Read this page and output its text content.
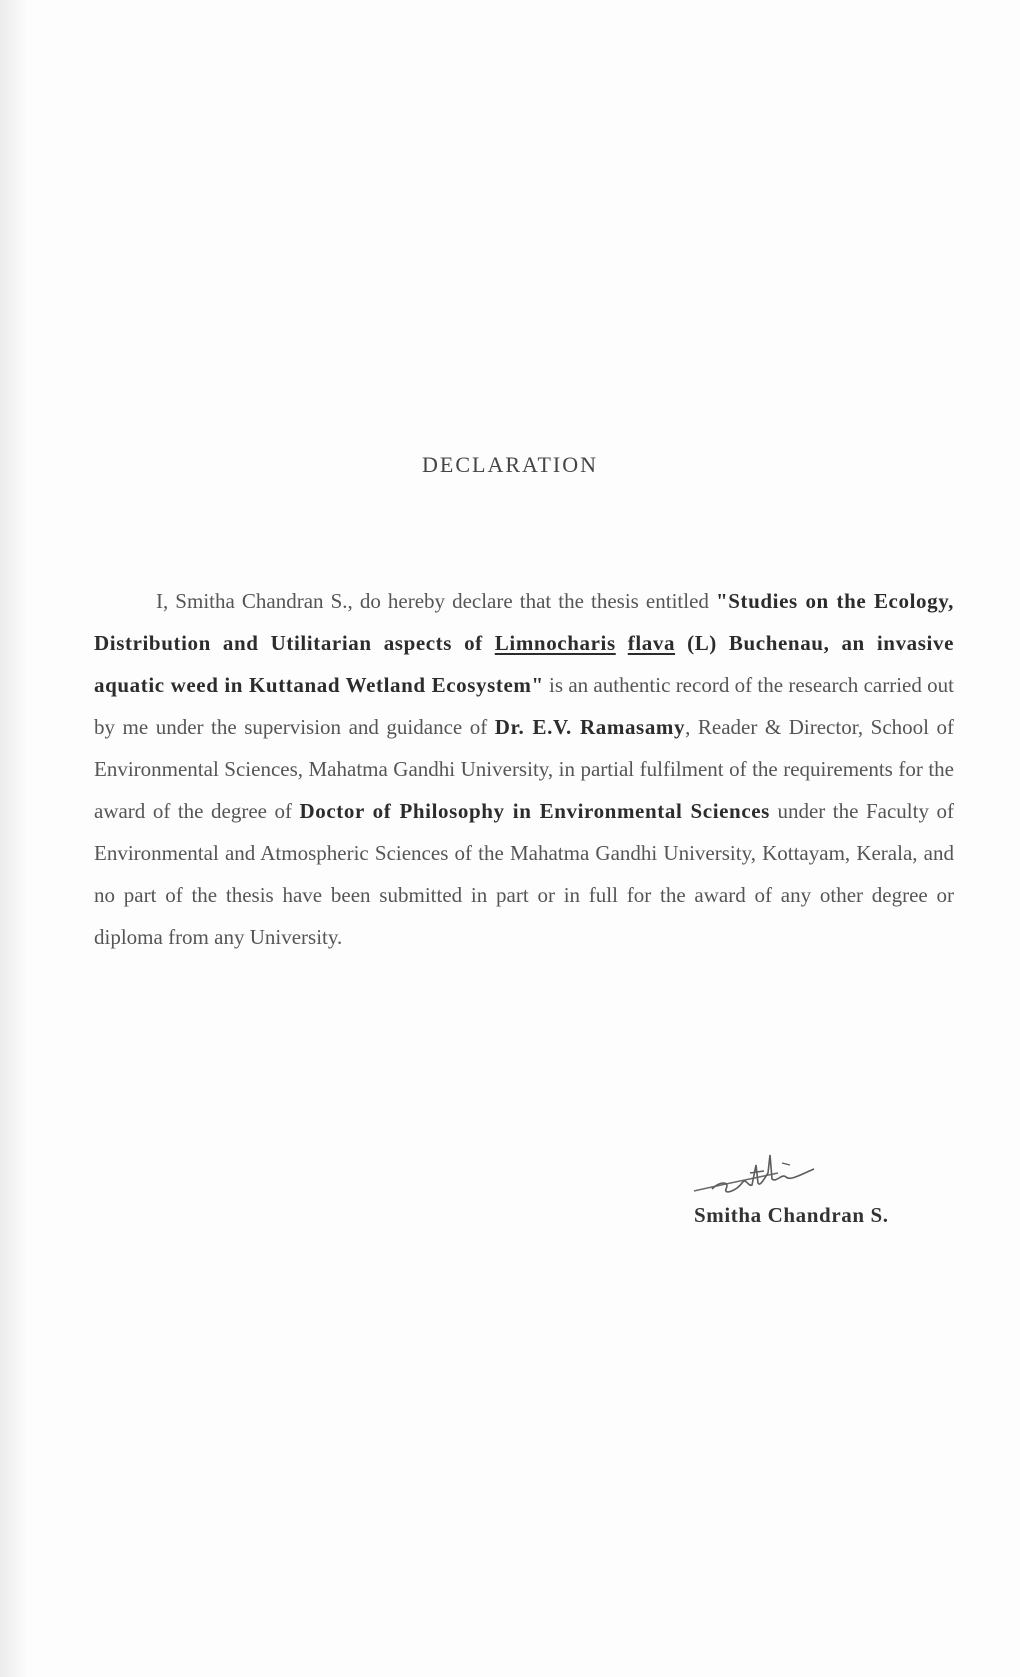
DECLARATION

I, Smitha Chandran S., do hereby declare that the thesis entitled "Studies on the Ecology, Distribution and Utilitarian aspects of Limnocharis flava (L) Buchenau, an invasive aquatic weed in Kuttanad Wetland Ecosystem" is an authentic record of the research carried out by me under the supervision and guidance of Dr. E.V. Ramasamy, Reader & Director, School of Environmental Sciences, Mahatma Gandhi University, in partial fulfilment of the requirements for the award of the degree of Doctor of Philosophy in Environmental Sciences under the Faculty of Environmental and Atmospheric Sciences of the Mahatma Gandhi University, Kottayam, Kerala, and no part of the thesis have been submitted in part or in full for the award of any other degree or diploma from any University.

Smitha Chandran S.
